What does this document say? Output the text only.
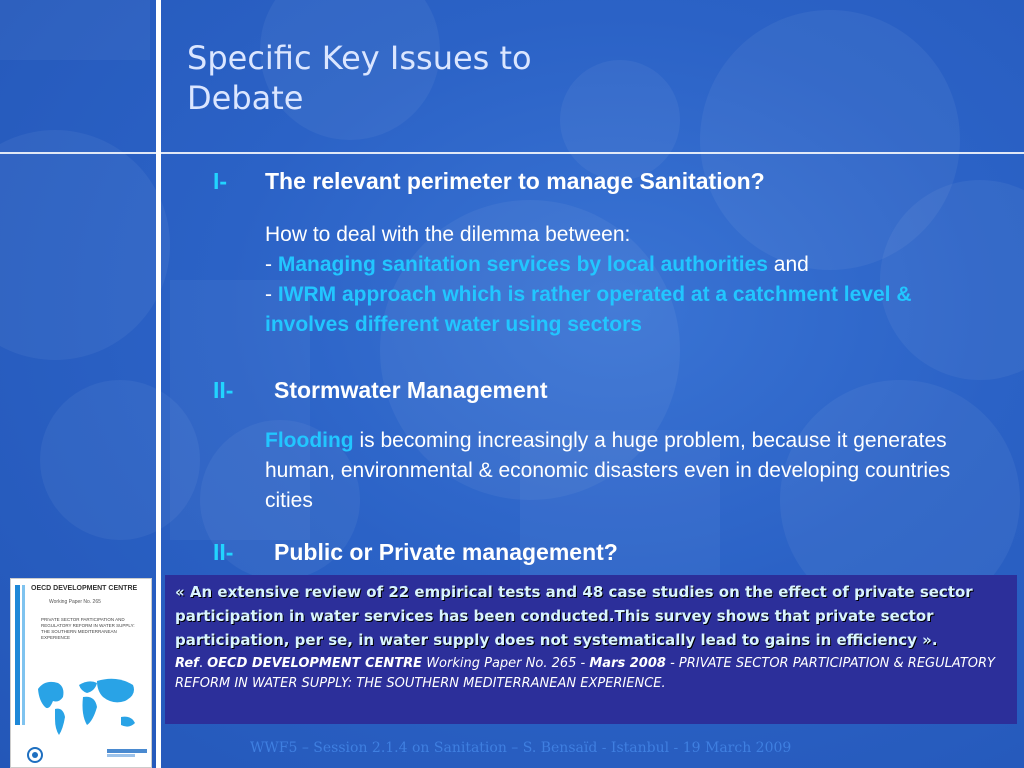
Specific Key Issues to Debate
I- The relevant perimeter to manage Sanitation?
How to deal with the dilemma between:
- Managing sanitation services by local authorities and
- IWRM approach which is rather operated at a catchment level & involves different water using sectors
II- Stormwater Management
Flooding is becoming increasingly a huge problem, because it generates human, environmental & economic disasters even in developing countries cities
II- Public or Private management?
OECD DEVELOPMENT CENTRE
Working Paper No. 265
PRIVATE SECTOR PARTICIPATION AND REGULATORY REFORM IN WATER SUPPLY: THE SOUTHERN MEDITERRANEAN EXPERIENCE
« An extensive review of 22 empirical tests and 48 case studies on the effect of private sector participation in water services has been conducted.This survey shows that private sector participation, per se, in water supply does not systematically lead to gains in efficiency ».
Ref. OECD DEVELOPMENT CENTRE Working Paper No. 265 - Mars 2008 - PRIVATE SECTOR PARTICIPATION & REGULATORY REFORM IN WATER SUPPLY: THE SOUTHERN MEDITERRANEAN EXPERIENCE.
WWF5 – Session 2.1.4 on Sanitation – S. Bensaïd - Istanbul - 19 March 2009
